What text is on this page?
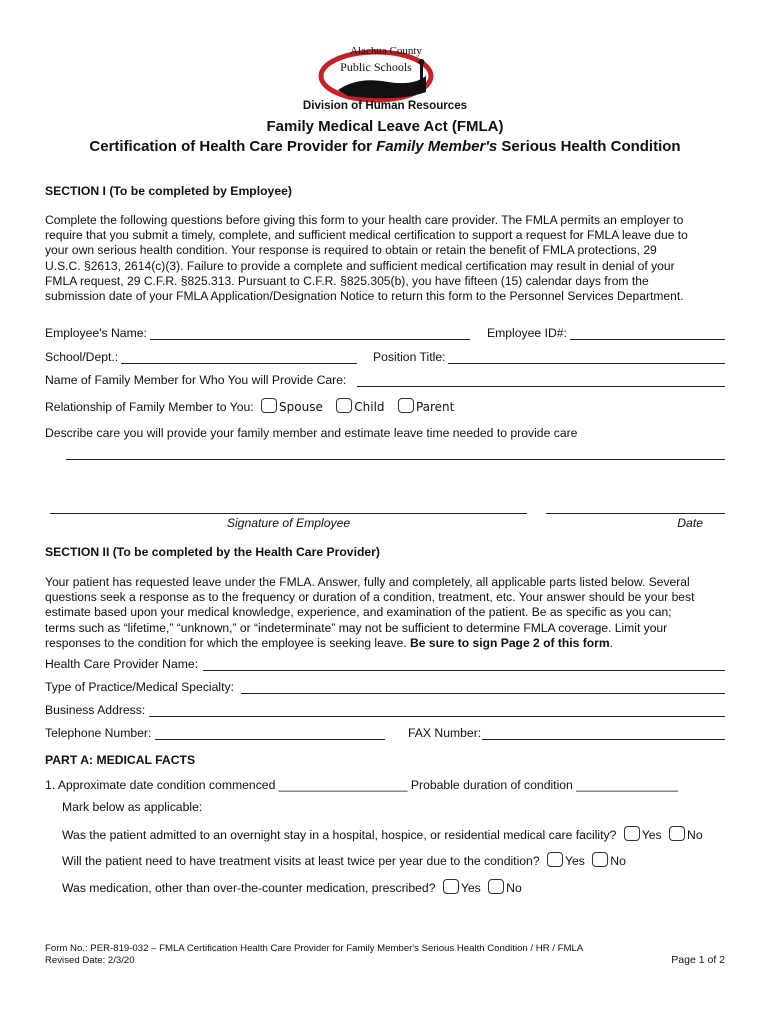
Alachua County
Public Schools
Division of Human Resources
Family Medical Leave Act (FMLA)
Certification of Health Care Provider for Family Member's Serious Health Condition
SECTION I (To be completed by Employee)
Complete the following questions before giving this form to your health care provider. The FMLA permits an employer to
require that you submit a timely, complete, and sufficient medical certification to support a request for FMLA leave due to
your own serious health condition. Your response is required to obtain or retain the benefit of FMLA protections, 29
U.S.C. §2613, 2614(c)(3). Failure to provide a complete and sufficient medical certification may result in denial of your
FMLA request, 29 C.F.R. §825.313. Pursuant to C.F.R. §825.305(b), you have fifteen (15) calendar days from the
submission date of your FMLA Application/Designation Notice to return this form to the Personnel Services Department.
Employee's Name:	Employee ID#:
School/Dept.:	Position Title:
Name of Family Member for Who You will Provide Care:
Relationship of Family Member to You: Spouse	Child	Parent
Describe care you will provide your family member and estimate leave time needed to provide care
Signature of Employee	Date
SECTION II (To be completed by the Health Care Provider)
Your patient has requested leave under the FMLA. Answer, fully and completely, all applicable parts listed below. Several
questions seek a response as to the frequency or duration of a condition, treatment, etc. Your answer should be your best
estimate based upon your medical knowledge, experience, and examination of the patient. Be as specific as you can;
terms such as “lifetime,” “unknown,” or “indeterminate” may not be sufficient to determine FMLA coverage. Limit your
responses to the condition for which the employee is seeking leave. Be sure to sign Page 2 of this form.
Health Care Provider Name:
Type of Practice/Medical Specialty:
Business Address:
Telephone Number:	FAX Number:
PART A: MEDICAL FACTS
1. Approximate date condition commenced ___________________ Probable duration of condition _______________
Mark below as applicable:
Was the patient admitted to an overnight stay in a hospital, hospice, or residential medical care facility? Yes No
Will the patient need to have treatment visits at least twice per year due to the condition? Yes No
Was medication, other than over-the-counter medication, prescribed? Yes No
Form No.: PER-819-032 – FMLA Certification Health Care Provider for Family Member's Serious Health Condition / HR / FMLA
Revised Date: 2/3/20	Page 1 of 2
